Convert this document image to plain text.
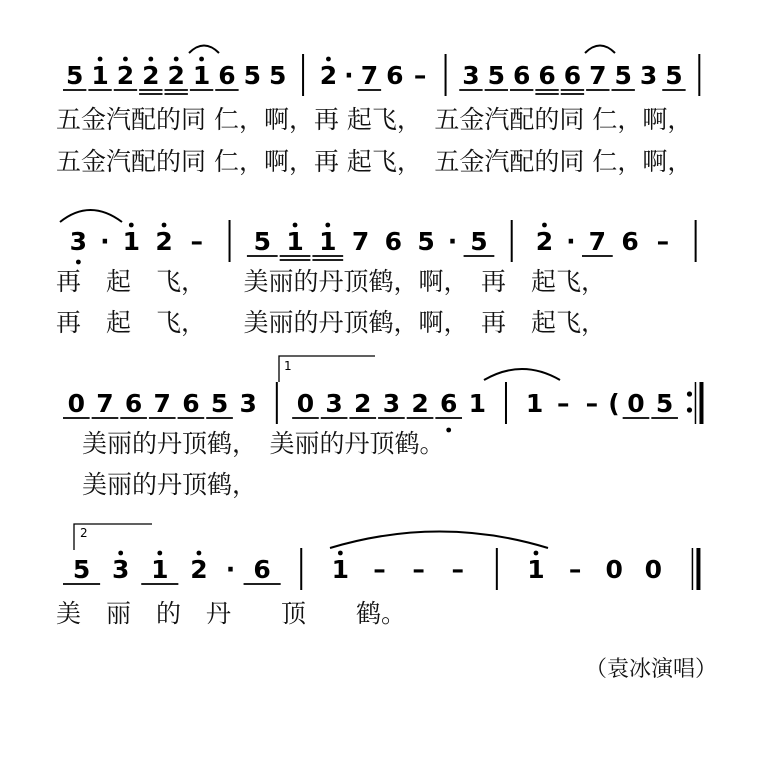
5 1 2 2 2 1 6 5 5 2 · 7 6 – 3 5 6 6 6 7 5 3 5
五金汽配的同 仁，啊，再 起飞，　五金汽配的同 仁，啊，
五金汽配的同 仁，啊，再 起飞，　五金汽配的同 仁，啊，
3 · 1 2 – 5 1 1 7 6 5 · 5 2 · 7 6 –
再　起　飞，　　美丽的丹顶鹤，啊，　再　起飞，
再　起　飞，　　美丽的丹顶鹤，啊，　再　起飞，
1
0 7 6 7 6 5 3 0 3 2 3 2 6 1 1 – – ( 0 5
美丽的丹顶鹤，　美丽的丹顶鹤。
美丽的丹顶鹤，
2
5 3 1 2 · 6 1 – – –	1 – 0 0
美　丽　的　丹　　顶　　鹤。
（袁冰演唱）
